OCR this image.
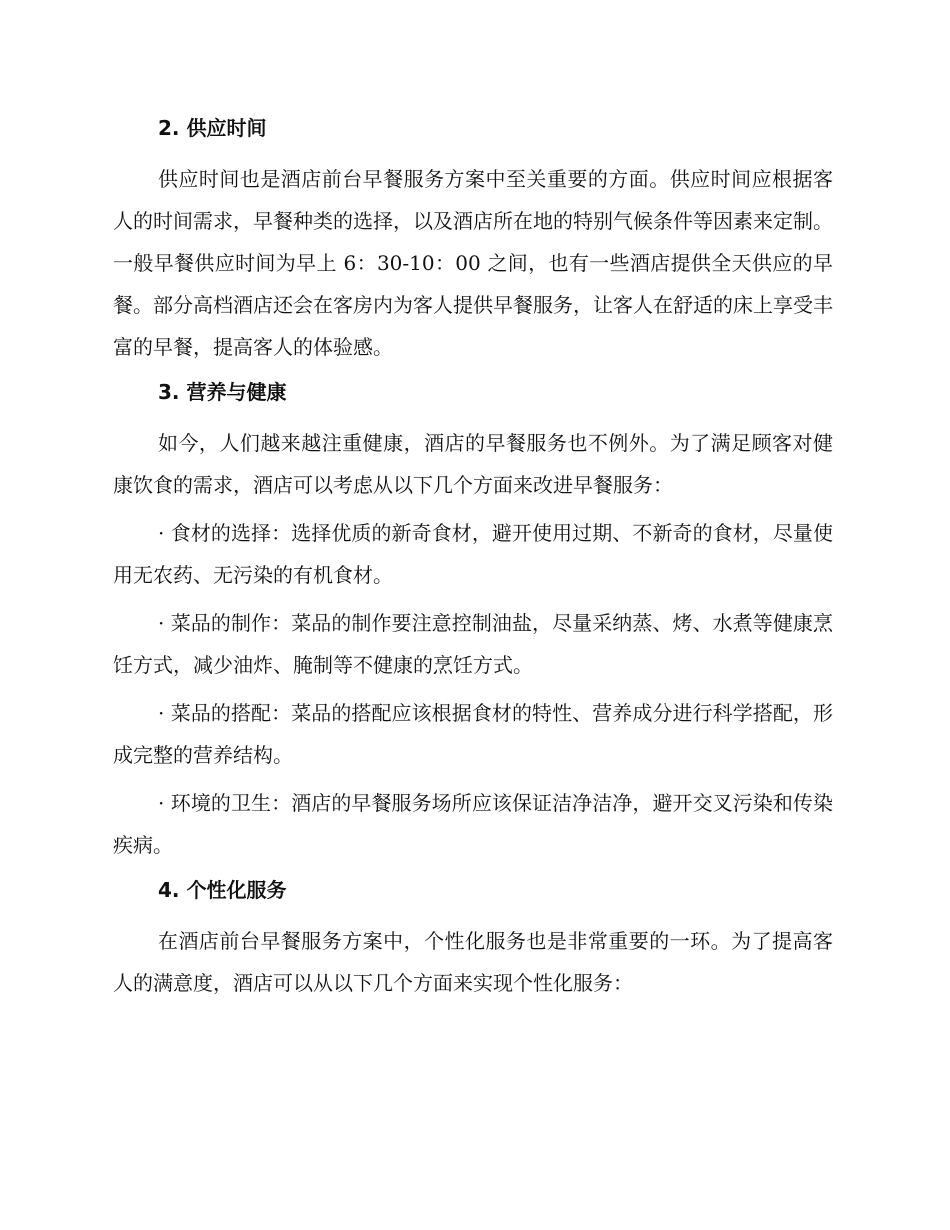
2. 供应时间

供应时间也是酒店前台早餐服务方案中至关重要的方面。供应时间应根据客人的时间需求，早餐种类的选择，以及酒店所在地的特别气候条件等因素来定制。一般早餐供应时间为早上 6：30-10：00 之间，也有一些酒店提供全天供应的早餐。部分高档酒店还会在客房内为客人提供早餐服务，让客人在舒适的床上享受丰富的早餐，提高客人的体验感。

3. 营养与健康

如今，人们越来越注重健康，酒店的早餐服务也不例外。为了满足顾客对健康饮食的需求，酒店可以考虑从以下几个方面来改进早餐服务：

· 食材的选择：选择优质的新奇食材，避开使用过期、不新奇的食材，尽量使用无农药、无污染的有机食材。

· 菜品的制作：菜品的制作要注意控制油盐，尽量采纳蒸、烤、水煮等健康烹饪方式，减少油炸、腌制等不健康的烹饪方式。

· 菜品的搭配：菜品的搭配应该根据食材的特性、营养成分进行科学搭配，形成完整的营养结构。

· 环境的卫生：酒店的早餐服务场所应该保证洁净洁净，避开交叉污染和传染疾病。

4. 个性化服务

在酒店前台早餐服务方案中，个性化服务也是非常重要的一环。为了提高客人的满意度，酒店可以从以下几个方面来实现个性化服务：
